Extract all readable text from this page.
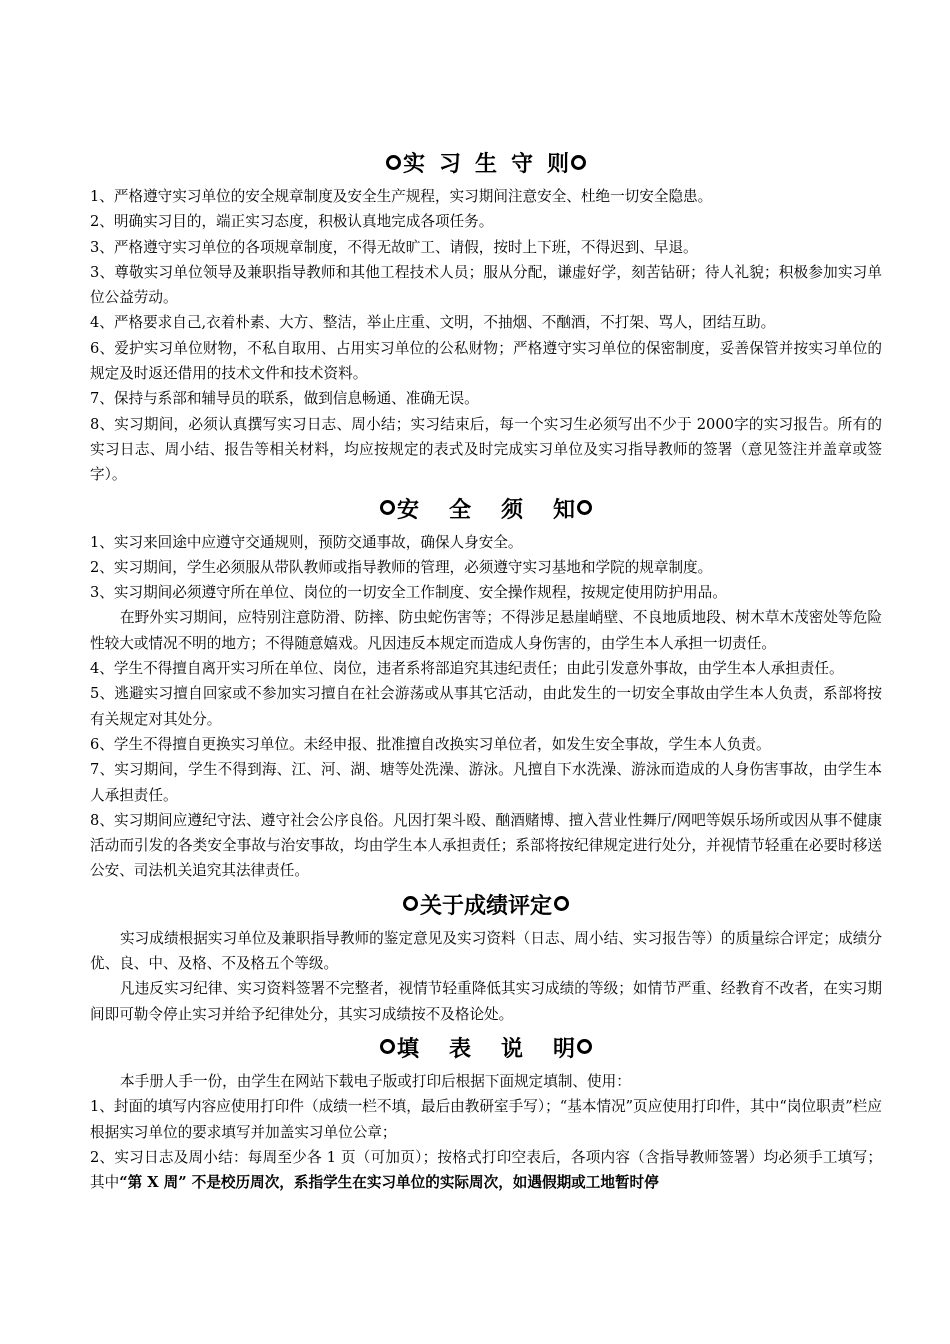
实习生守则

1、严格遵守实习单位的安全规章制度及安全生产规程，实习期间注意安全、杜绝一切安全隐患。

2、明确实习目的，端正实习态度，积极认真地完成各项任务。

3、严格遵守实习单位的各项规章制度，不得无故旷工、请假，按时上下班，不得迟到、早退。

3、尊敬实习单位领导及兼职指导教师和其他工程技术人员；服从分配，谦虚好学，刻苦钻研；待人礼貌；积极参加实习单位公益劳动。

4、严格要求自己,衣着朴素、大方、整洁，举止庄重、文明，不抽烟、不酗酒，不打架、骂人，团结互助。

6、爱护实习单位财物，不私自取用、占用实习单位的公私财物；严格遵守实习单位的保密制度，妥善保管并按实习单位的规定及时返还借用的技术文件和技术资料。

7、保持与系部和辅导员的联系，做到信息畅通、准确无误。

8、实习期间，必须认真撰写实习日志、周小结；实习结束后，每一个实习生必须写出不少于 2000字的实习报告。所有的实习日志、周小结、报告等相关材料，均应按规定的表式及时完成实习单位及实习指导教师的签署（意见签注并盖章或签字）。

安全须知

1、实习来回途中应遵守交通规则，预防交通事故，确保人身安全。

2、实习期间，学生必须服从带队教师或指导教师的管理，必须遵守实习基地和学院的规章制度。

3、实习期间必须遵守所在单位、岗位的一切安全工作制度、安全操作规程，按规定使用防护用品。

在野外实习期间，应特别注意防滑、防摔、防虫蛇伤害等；不得涉足悬崖峭壁、不良地质地段、树木草木茂密处等危险性较大或情况不明的地方；不得随意嬉戏。凡因违反本规定而造成人身伤害的，由学生本人承担一切责任。

4、学生不得擅自离开实习所在单位、岗位，违者系将部追究其违纪责任；由此引发意外事故，由学生本人承担责任。

5、逃避实习擅自回家或不参加实习擅自在社会游荡或从事其它活动，由此发生的一切安全事故由学生本人负责，系部将按有关规定对其处分。

6、学生不得擅自更换实习单位。未经申报、批准擅自改换实习单位者，如发生安全事故，学生本人负责。

7、实习期间，学生不得到海、江、河、湖、塘等处洗澡、游泳。凡擅自下水洗澡、游泳而造成的人身伤害事故，由学生本人承担责任。

8、实习期间应遵纪守法、遵守社会公序良俗。凡因打架斗殴、酗酒赌博、擅入营业性舞厅/网吧等娱乐场所或因从事不健康活动而引发的各类安全事故与治安事故，均由学生本人承担责任；系部将按纪律规定进行处分，并视情节轻重在必要时移送公安、司法机关追究其法律责任。

关于成绩评定

实习成绩根据实习单位及兼职指导教师的鉴定意见及实习资料（日志、周小结、实习报告等）的质量综合评定；成绩分优、良、中、及格、不及格五个等级。

凡违反实习纪律、实习资料签署不完整者，视情节轻重降低其实习成绩的等级；如情节严重、经教育不改者，在实习期间即可勒令停止实习并给予纪律处分，其实习成绩按不及格论处。

填表说明

本手册人手一份，由学生在网站下载电子版或打印后根据下面规定填制、使用：

1、封面的填写内容应使用打印件（成绩一栏不填，最后由教研室手写）；“基本情况”页应使用打印件，其中“岗位职责”栏应根据实习单位的要求填写并加盖实习单位公章；

2、实习日志及周小结：每周至少各 1 页（可加页）；按格式打印空表后，各项内容（含指导教师签署）均必须手工填写；其中“第 X 周” 不是校历周次，系指学生在实习单位的实际周次，如遇假期或工地暂时停
